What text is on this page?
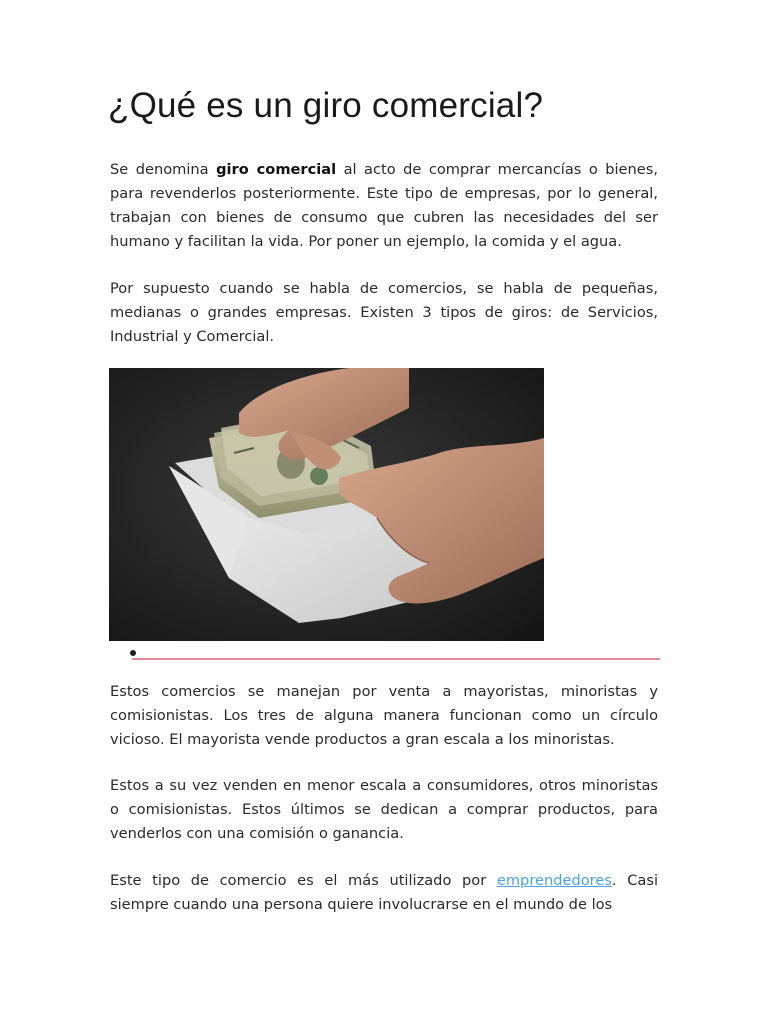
¿Qué es un giro comercial?

Se denomina giro comercial al acto de comprar mercancías o bienes, para revenderlos posteriormente. Este tipo de empresas, por lo general, trabajan con bienes de consumo que cubren las necesidades del ser humano y facilitan la vida. Por poner un ejemplo, la comida y el agua.

Por supuesto cuando se habla de comercios, se habla de pequeñas, medianas o grandes empresas. Existen 3 tipos de giros: de Servicios, Industrial y Comercial.

Estos comercios se manejan por venta a mayoristas, minoristas y comisionistas. Los tres de alguna manera funcionan como un círculo vicioso. El mayorista vende productos a gran escala a los minoristas.

Estos a su vez venden en menor escala a consumidores, otros minoristas o comisionistas. Estos últimos se dedican a comprar productos, para venderlos con una comisión o ganancia.

Este tipo de comercio es el más utilizado por emprendedores. Casi siempre cuando una persona quiere involucrarse en el mundo de los
